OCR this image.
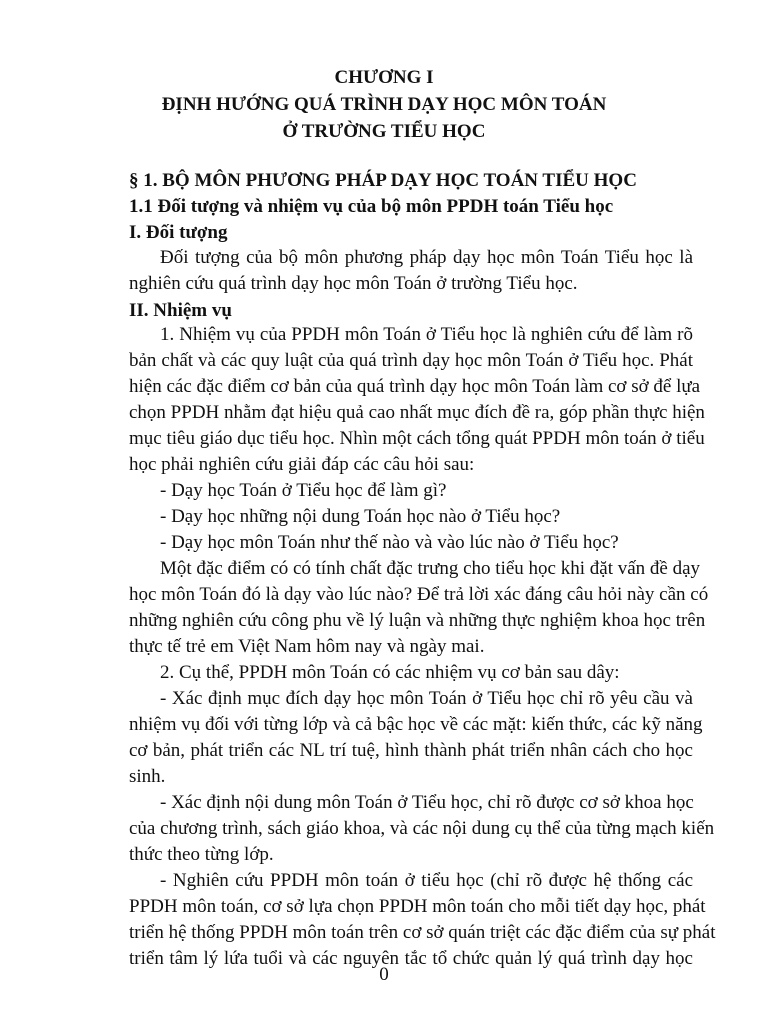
CHƯƠNG I
ĐỊNH HƯỚNG QUÁ TRÌNH DẠY HỌC MÔN TOÁN
Ở TRƯỜNG TIỂU HỌC
§ 1. BỘ MÔN PHƯƠNG PHÁP DẠY HỌC TOÁN TIỂU HỌC
1.1 Đối tượng và nhiệm vụ của bộ môn PPDH toán Tiểu học
I. Đối tượng
Đối tượng của bộ môn phương pháp dạy học môn Toán Tiểu học là
nghiên cứu quá trình dạy học môn Toán ở trường Tiểu học.
II. Nhiệm vụ
1. Nhiệm vụ của PPDH môn Toán ở Tiểu học là nghiên cứu để làm rõ
bản chất và các quy luật của quá trình dạy học môn Toán ở Tiểu học. Phát
hiện các đặc điểm cơ bản của quá trình dạy học môn Toán làm cơ sở để lựa
chọn PPDH nhằm đạt hiệu quả cao nhất mục đích đề ra, góp phần thực hiện
mục tiêu giáo dục tiểu học. Nhìn một cách tổng quát PPDH môn toán ở tiểu
học phải nghiên cứu giải đáp các câu hỏi sau:
- Dạy học Toán ở Tiểu học để làm gì?
- Dạy học những nội dung Toán học nào ở Tiểu học?
- Dạy học môn Toán như thế nào và vào lúc nào ở Tiểu học?
Một đặc điểm có có tính chất đặc trưng cho tiểu học khi đặt vấn đề dạy
học môn Toán đó là dạy vào lúc nào? Để trả lời xác đáng câu hỏi này cần có
những nghiên cứu công phu về lý luận và những thực nghiệm khoa học trên
thực tế trẻ em Việt Nam hôm nay và ngày mai.
2. Cụ thể, PPDH môn Toán có các nhiệm vụ cơ bản sau dây:
- Xác định mục đích dạy học môn Toán ở Tiểu học chỉ rõ yêu cầu và
nhiệm vụ đối với từng lớp và cả bậc học về các mặt: kiến thức, các kỹ năng
cơ bản, phát triển các NL trí tuệ, hình thành phát triển nhân cách cho học
sinh.
- Xác định nội dung môn Toán ở Tiểu học, chỉ rõ được cơ sở khoa học
của chương trình, sách giáo khoa, và các nội dung cụ thể của từng mạch kiến
thức theo từng lớp.
- Nghiên cứu PPDH môn toán ở tiểu học (chỉ rõ được hệ thống các
PPDH môn toán, cơ sở lựa chọn PPDH môn toán cho mỗi tiết dạy học, phát
triển hệ thống PPDH môn toán trên cơ sở quán triệt các đặc điểm của sự phát
triển tâm lý lứa tuổi và các nguyên tắc tổ chức quản lý quá trình dạy học
0
